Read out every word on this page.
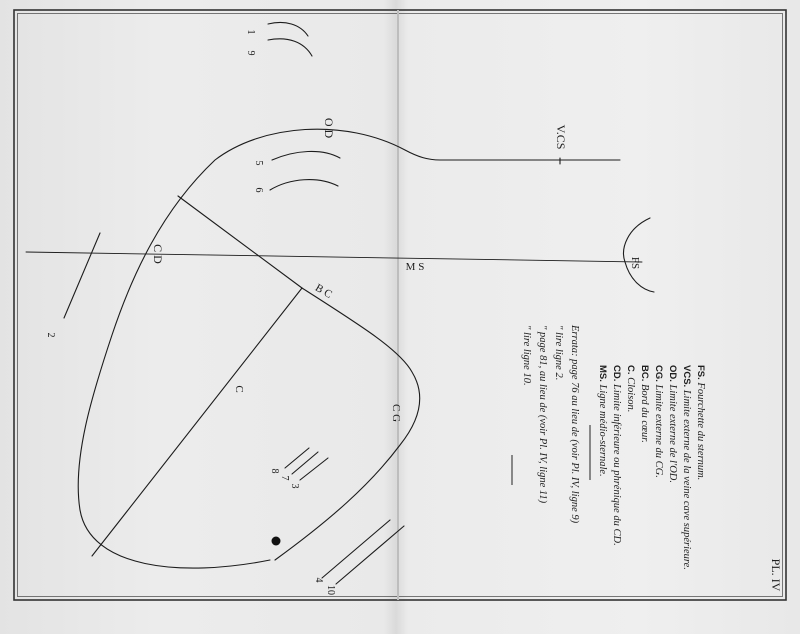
V.CS
O D
FS
M S
C D
B C
C
C G
1
9
5
6
2
8
7
3
4
10
FS. Fourchette du sternum.
VCS. Limite externe de la veine cave supérieure.
OD. Limite externe de l'OD.
CG. Limite externe du CG.
BC. Bord du cœur.
C. Cloison.
CD. Limite inférieure ou phrénique du CD.
MS. Ligne médio-sternale.
Errata: page 76 au lieu de (voir Pl. IV, ligne 9)
" lire ligne 2.
" page 81, au lieu de (voir Pl. IV, ligne 11)
" lire ligne 10.
PL. IV
